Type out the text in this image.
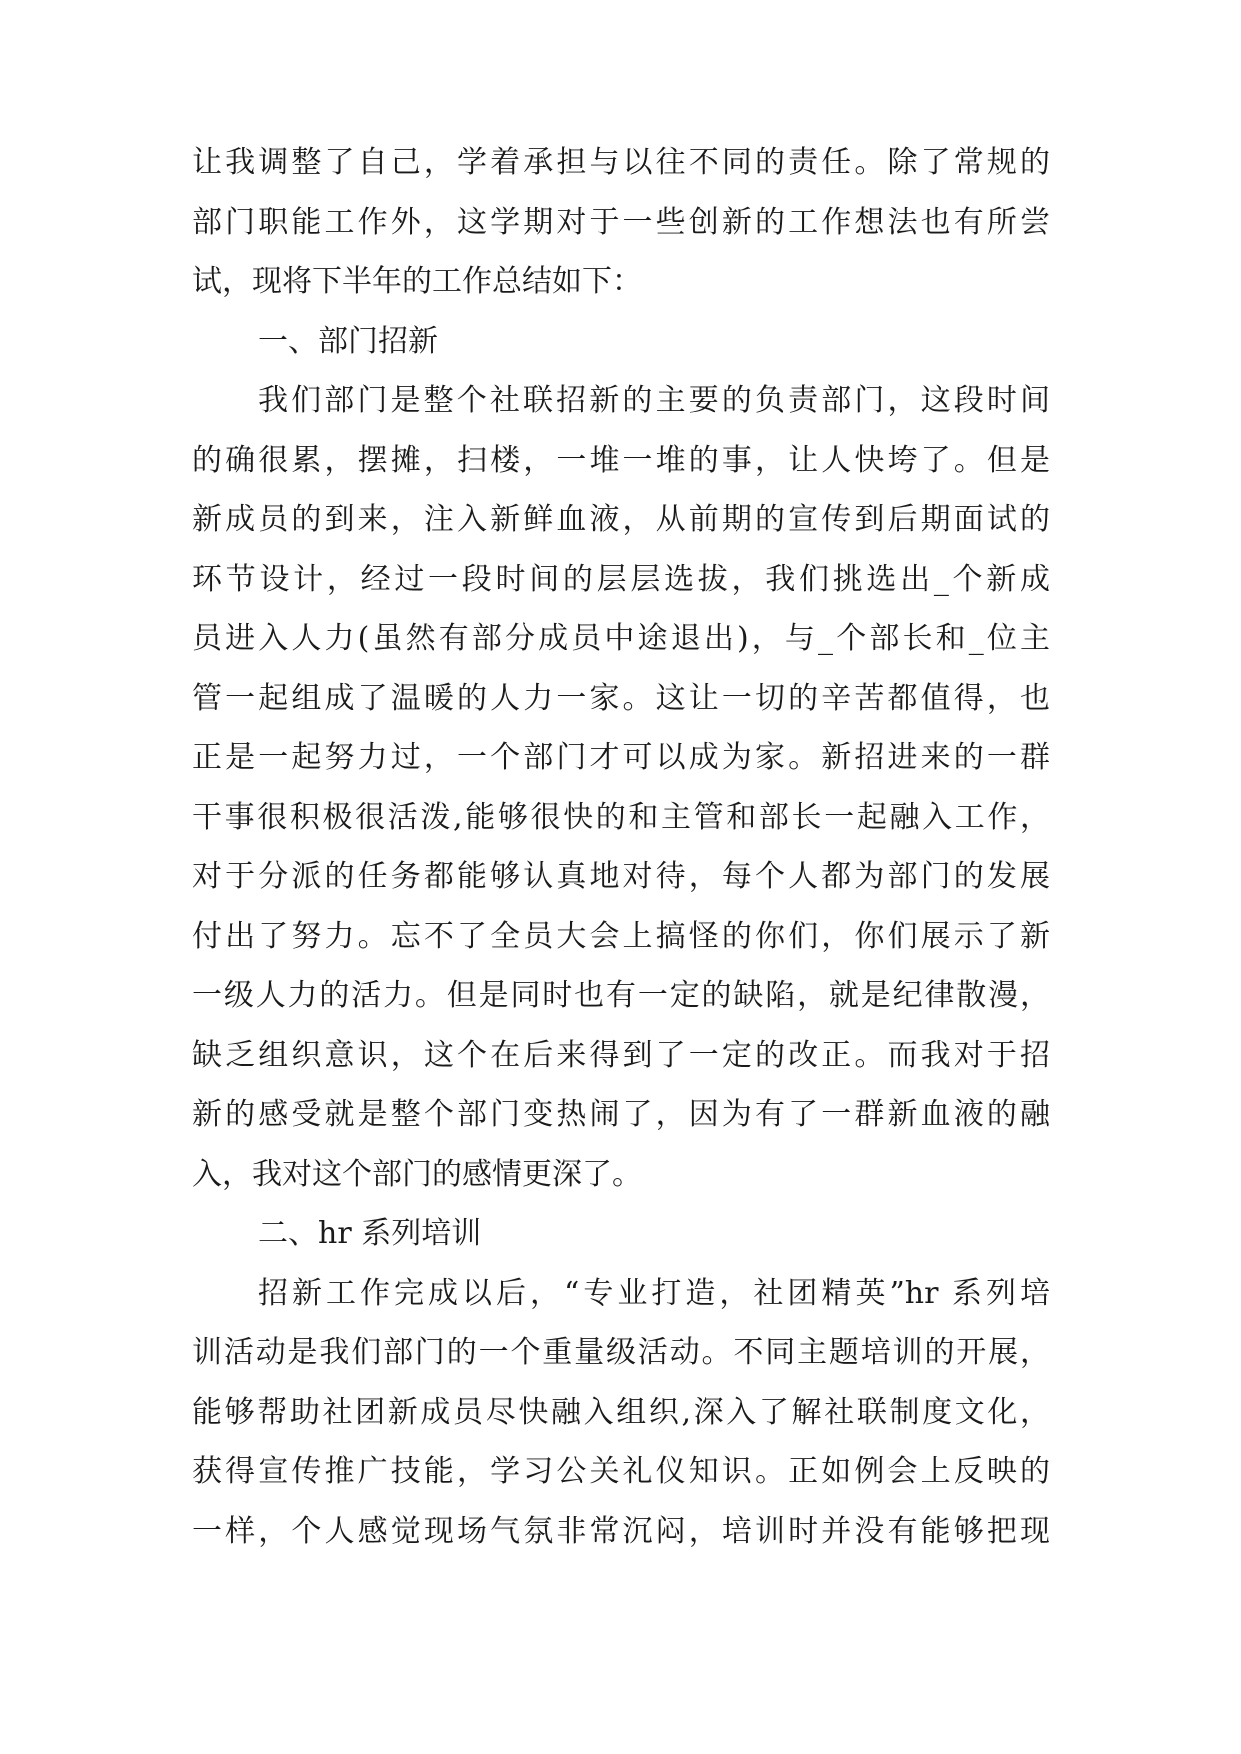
让我调整了自己，学着承担与以往不同的责任。除了常规的
部门职能工作外，这学期对于一些创新的工作想法也有所尝
试，现将下半年的工作总结如下：
一、部门招新
我们部门是整个社联招新的主要的负责部门，这段时间
的确很累，摆摊，扫楼，一堆一堆的事，让人快垮了。但是
新成员的到来，注入新鲜血液，从前期的宣传到后期面试的
环节设计，经过一段时间的层层选拔，我们挑选出_个新成
员进入人力(虽然有部分成员中途退出)，与_个部长和_位主
管一起组成了温暖的人力一家。这让一切的辛苦都值得，也
正是一起努力过，一个部门才可以成为家。新招进来的一群
干事很积极很活泼,能够很快的和主管和部长一起融入工作，
对于分派的任务都能够认真地对待，每个人都为部门的发展
付出了努力。忘不了全员大会上搞怪的你们，你们展示了新
一级人力的活力。但是同时也有一定的缺陷，就是纪律散漫，
缺乏组织意识，这个在后来得到了一定的改正。而我对于招
新的感受就是整个部门变热闹了，因为有了一群新血液的融
入，我对这个部门的感情更深了。
二、hr 系列培训
招新工作完成以后，“专业打造，社团精英”hr 系列培
训活动是我们部门的一个重量级活动。不同主题培训的开展，
能够帮助社团新成员尽快融入组织,深入了解社联制度文化，
获得宣传推广技能，学习公关礼仪知识。正如例会上反映的
一样，个人感觉现场气氛非常沉闷，培训时并没有能够把现
